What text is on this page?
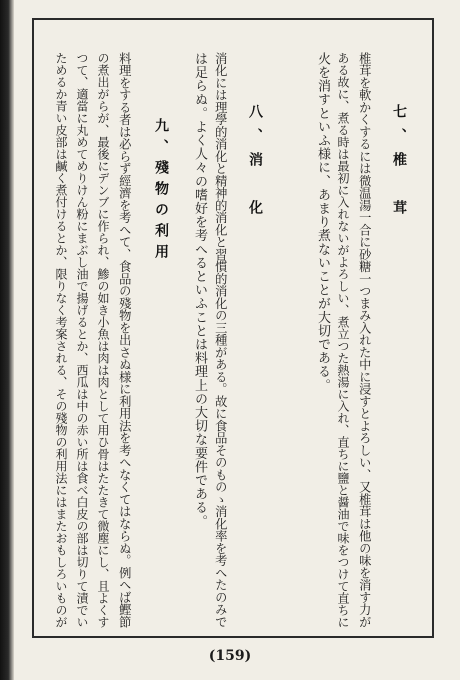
七、椎　茸
椎茸を軟かくするには微温湯一合に砂糖一つまみ入れた中に浸すとよろしい、又椎茸は他の味を消す力が
ある故に、煮る時は最初に入れないがよろしい、煮立つた熱湯に入れ、直ちに鹽と醤油で味をつけて直ちに
火を消すといふ様に、あまり煮ないことが大切である。
八、消　化
消化には理學的消化と精神的消化と習慣的消化の三種がある。故に食品そのものゝ消化率を考へたのみで
は足らぬ。よく人々の嗜好を考へるといふことは料理上の大切な要件である。
九、殘物の利用
料理をする者は必らず經濟を考へて、食品の殘物を出さぬ様に利用法を考へなくてはならぬ。例へば鰹節
の煮出がらが、最後にデンブに作られ、鯵の如き小魚は肉は肉として用ひ骨はたたきて微塵にし、且よくす
つて、適當に丸めてめりけん粉にまぶし油で揚げるとか、西瓜は中の赤い所は食べ白皮の部は切りて漬でい
ためるか青い皮部は鹹く煮付けるとか、限りなく考案される、その殘物の利用法にはまたおもしろいものが
(159)
